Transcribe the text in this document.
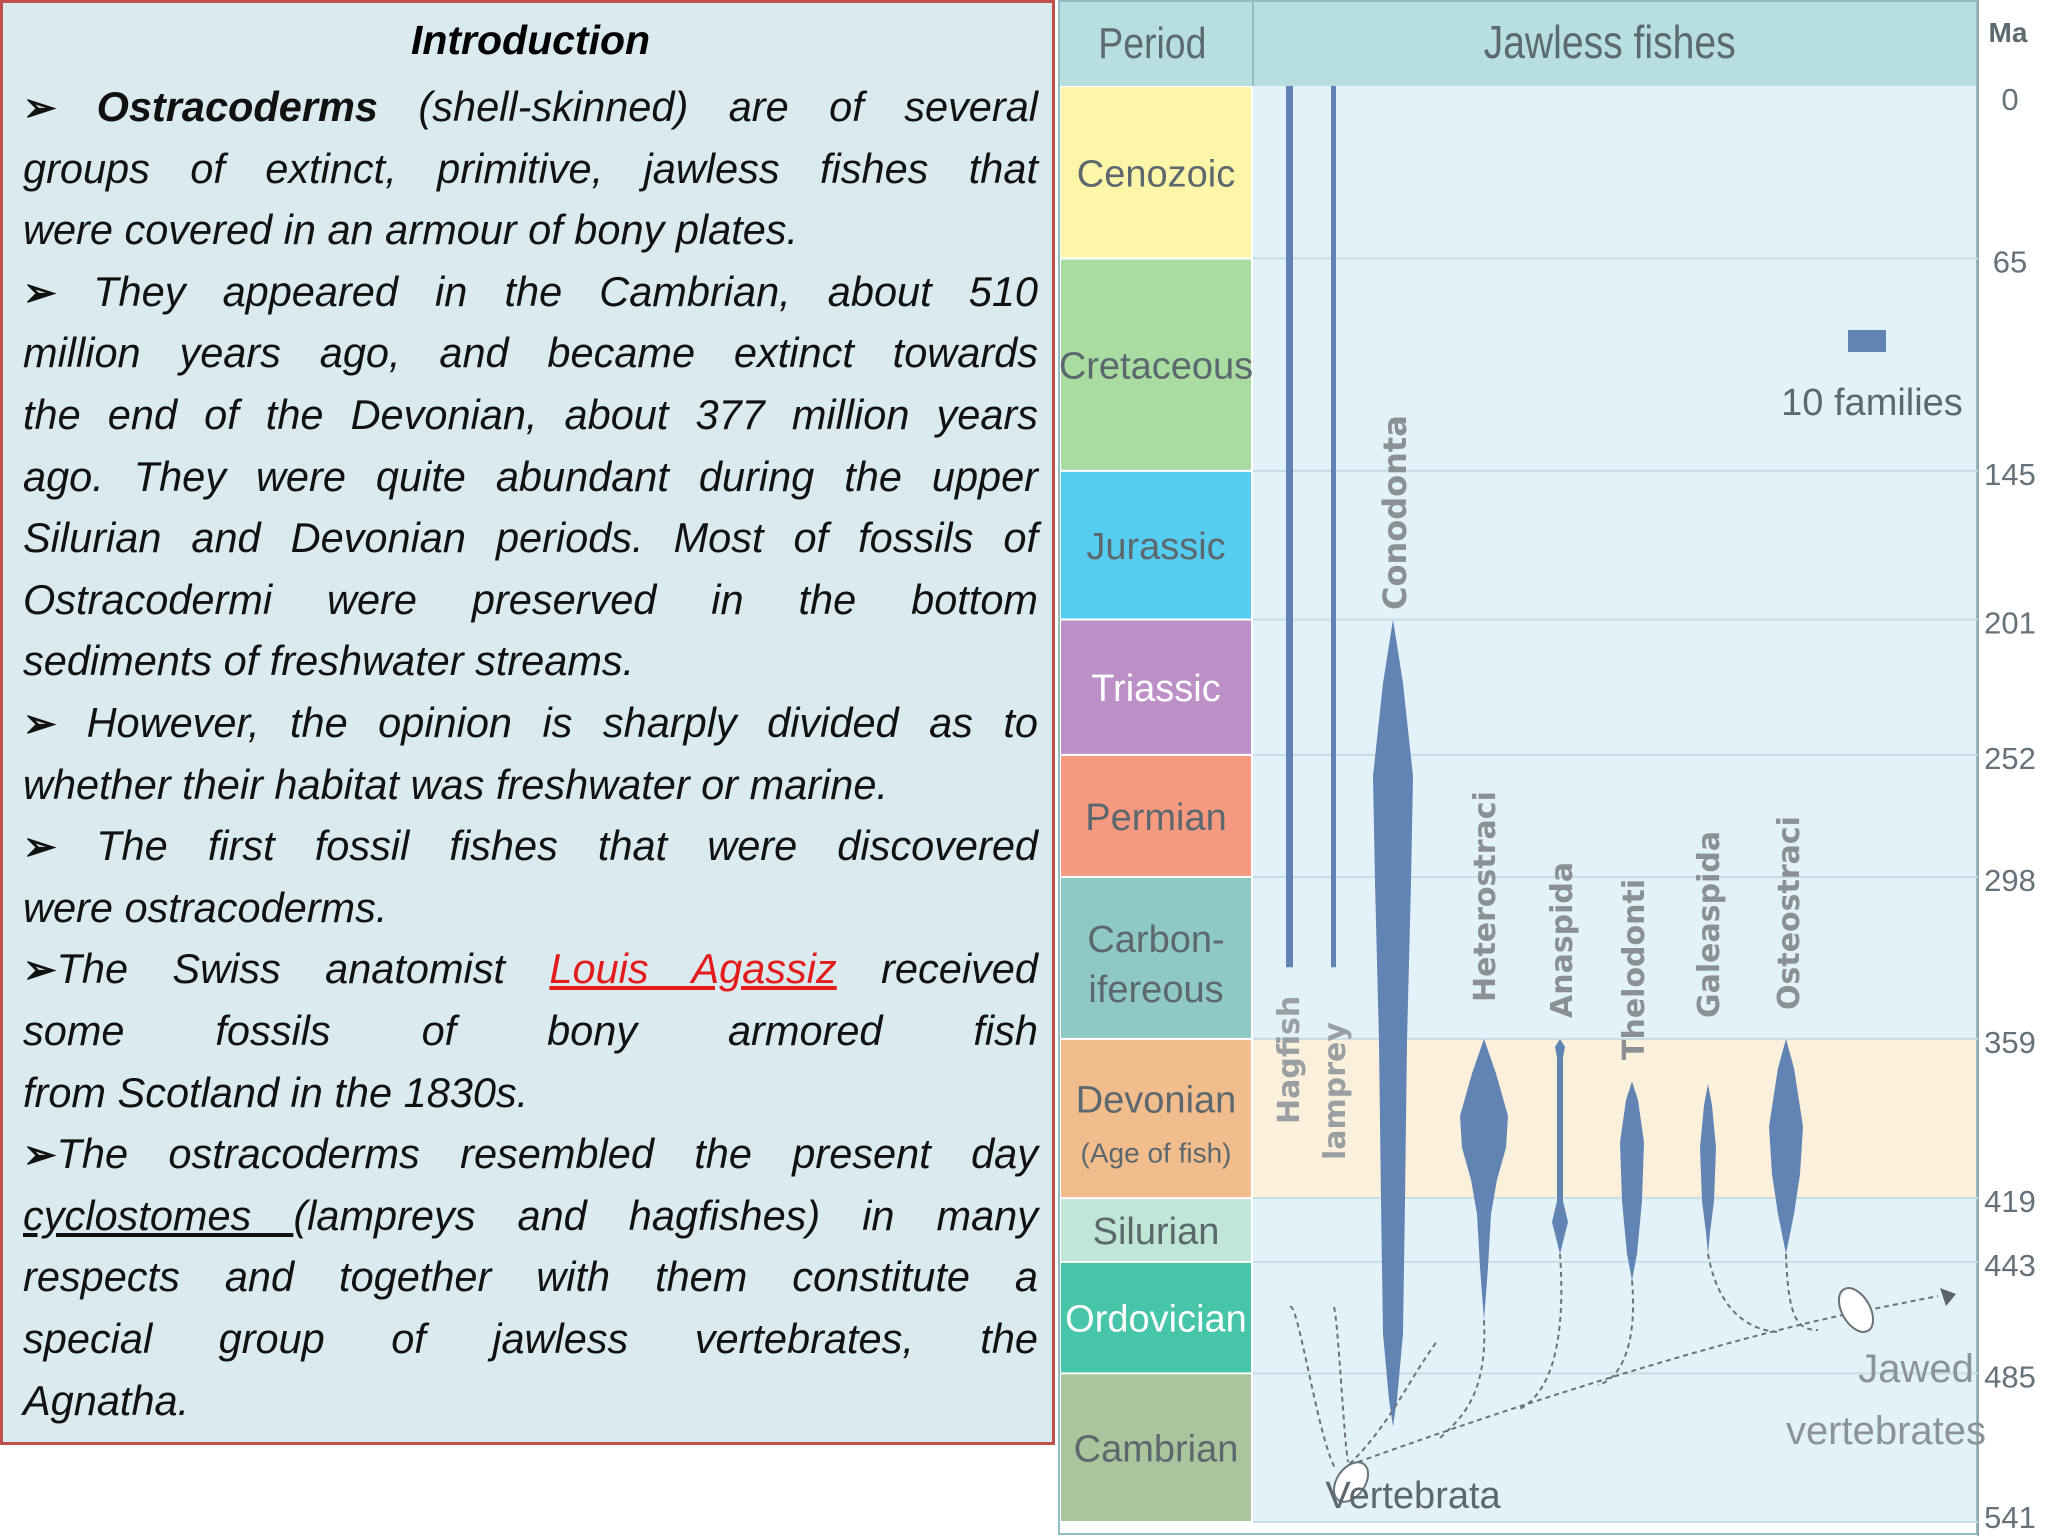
Introduction
➢ Ostracoderms (shell-skinned) are of several
groups of extinct, primitive, jawless fishes that
were covered in an armour of bony plates.
➢ They appeared in the Cambrian, about 510
million years ago, and became extinct towards
the end of the Devonian, about 377 million years
ago. They were quite abundant during the upper
Silurian and Devonian periods. Most of fossils of
Ostracodermi were preserved in the bottom
sediments of freshwater streams.
➢ However, the opinion is sharply divided as to
whether their habitat was freshwater or marine.
➢ The first fossil fishes that were discovered
were ostracoderms.
➢The Swiss anatomist Louis Agassiz received
some fossils of bony armored fish
from Scotland in the 1830s.
➢The ostracoderms resembled the present day
cyclostomes (lampreys and hagfishes) in many
respects and together with them constitute a
special group of jawless vertebrates, the
Agnatha.
Period	Jawless fishes	Ma
Cenozoic
Cretaceous
Jurassic
Triassic
Permian
Carbon-
ifereous
Devonian
(Age of fish)
Silurian
Ordovician
Cambrian
0
65
145
201
252
298
359
419
443
485
541
Hagfish lamprey
Conodonta
Heterostraci Anaspida Thelodonti Galeaspida Osteostraci
10 families
Vertebrata
Jawed
vertebrates
